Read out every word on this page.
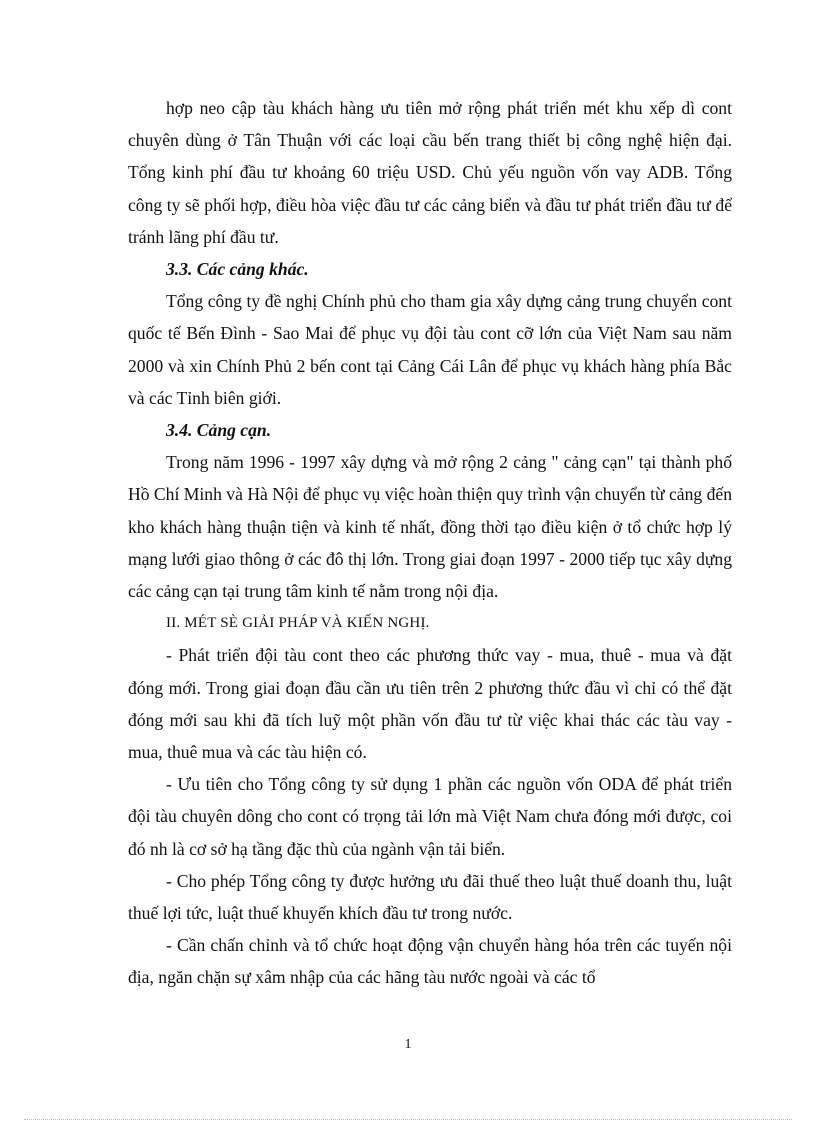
hợp neo cập tàu khách hàng ưu tiên mở rộng phát triển mét khu xếp dì cont chuyên dùng ở Tân Thuận với các loại cầu bến trang thiết bị công nghệ hiện đại. Tổng kinh phí đầu tư khoảng 60 triệu USD. Chủ yếu nguồn vốn vay ADB. Tổng công ty sẽ phối hợp, điều hòa việc đầu tư các cảng biển và đầu tư phát triển đầu tư để tránh lãng phí đầu tư.

3.3. Các cảng khác.

Tổng công ty đề nghị Chính phủ cho tham gia xây dựng cảng trung chuyển cont quốc tế Bến Đình - Sao Mai để phục vụ đội tàu cont cỡ lớn của Việt Nam sau năm 2000 và xin Chính Phủ 2 bến cont tại Cảng Cái Lân để phục vụ khách hàng phía Bắc và các Tỉnh biên giới.

3.4. Cảng cạn.

Trong năm 1996 - 1997 xây dựng và mở rộng 2 cảng " cảng cạn" tại thành phố Hồ Chí Minh và Hà Nội để phục vụ việc hoàn thiện quy trình vận chuyển từ cảng đến kho khách hàng thuận tiện và kinh tế nhất, đồng thời tạo điều kiện ở tổ chức hợp lý mạng lưới giao thông ở các đô thị lớn. Trong giai đoạn 1997 - 2000 tiếp tục xây dựng các cảng cạn tại trung tâm kinh tế nằm trong nội địa.

II. MÉT SÈ GIẢI PHÁP VÀ KIẾN NGHỊ.

- Phát triển đội tàu cont theo các phương thức vay - mua, thuê - mua và đặt đóng mới. Trong giai đoạn đầu cần ưu tiên trên 2 phương thức đầu vì chỉ có thể đặt đóng mới sau khi đã tích luỹ một phần vốn đầu tư từ việc khai thác các tàu vay - mua, thuê mua và các tàu hiện có.

- Ưu tiên cho Tổng công ty sử dụng 1 phần các nguồn vốn ODA để phát triển đội tàu chuyên dông cho cont có trọng tải lớn mà Việt Nam chưa đóng mới được, coi đó nh là cơ sở hạ tầng đặc thù của ngành vận tải biển.

- Cho phép Tổng công ty được hưởng ưu đãi thuế theo luật thuế doanh thu, luật thuế lợi tức, luật thuế khuyến khích đầu tư trong nước.

- Cần chấn chỉnh và tổ chức hoạt động vận chuyển hàng hóa trên các tuyến nội địa, ngăn chặn sự xâm nhập của các hãng tàu nước ngoài và các tổ

1
